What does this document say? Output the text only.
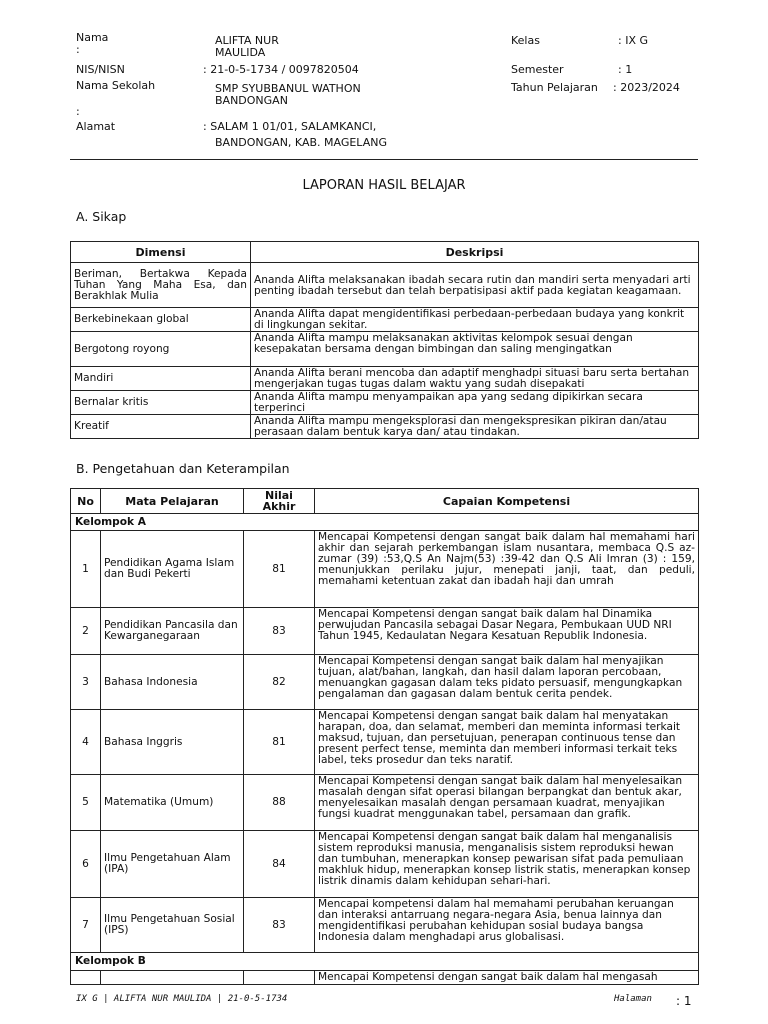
Nama
:
ALIFTA NUR
MAULIDA
NIS/NISN	: 21-0-5-1734 / 0097820504
Nama Sekolah
:
SMP SYUBBANUL WATHON
BANDONGAN
Alamat	: SALAM 1 01/01, SALAMKANCI,
BANDONGAN, KAB. MAGELANG
Kelas	: IX G
Semester	: 1
Tahun Pelajaran : 2023/2024
LAPORAN HASIL BELAJAR
A. Sikap
Dimensi	Deskripsi
Beriman, Bertakwa Kepada Tuhan Yang Maha Esa, dan Berakhlak Mulia	Ananda Alifta melaksanakan ibadah secara rutin dan mandiri serta menyadari arti penting ibadah tersebut dan telah berpatisipasi aktif pada kegiatan keagamaan.
Berkebinekaan global	Ananda Alifta dapat mengidentifikasi perbedaan-perbedaan budaya yang konkrit di lingkungan sekitar.
Bergotong royong	Ananda Alifta mampu melaksanakan aktivitas kelompok sesuai dengan kesepakatan bersama dengan bimbingan dan saling mengingatkan
Mandiri	Ananda Alifta berani mencoba dan adaptif menghadpi situasi baru serta bertahan mengerjakan tugas tugas dalam waktu yang sudah disepakati
Bernalar kritis	Ananda Alifta mampu menyampaikan apa yang sedang dipikirkan secara terperinci
Kreatif	Ananda Alifta mampu mengeksplorasi dan mengekspresikan pikiran dan/atau perasaan dalam bentuk karya dan/ atau tindakan.
B. Pengetahuan dan Keterampilan
No	Mata Pelajaran	Nilai Akhir	Capaian Kompetensi
Kelompok A			
1	Pendidikan Agama Islam dan Budi Pekerti	81	Mencapai Kompetensi dengan sangat baik dalam hal memahami hari akhir dan sejarah perkembangan islam nusantara, membaca Q.S az-zumar (39) :53,Q.S An Najm(53) :39-42 dan Q.S Ali Imran (3) : 159, menunjukkan perilaku jujur, menepati janji, taat, dan peduli, memahami ketentuan zakat dan ibadah haji dan umrah
2	Pendidikan Pancasila dan Kewarganegaraan	83	Mencapai Kompetensi dengan sangat baik dalam hal Dinamika perwujudan Pancasila sebagai Dasar Negara, Pembukaan UUD NRI Tahun 1945, Kedaulatan Negara Kesatuan Republik Indonesia.
3	Bahasa Indonesia	82	Mencapai Kompetensi dengan sangat baik dalam hal menyajikan tujuan, alat/bahan, langkah, dan hasil dalam laporan percobaan, menuangkan gagasan dalam teks pidato persuasif, mengungkapkan pengalaman dan gagasan dalam bentuk cerita pendek.
4	Bahasa Inggris	81	Mencapai Kompetensi dengan sangat baik dalam hal menyatakan harapan, doa, dan selamat, memberi dan meminta informasi terkait maksud, tujuan, dan persetujuan, penerapan continuous tense dan present perfect tense, meminta dan memberi informasi terkait teks label, teks prosedur dan teks naratif.
5	Matematika (Umum)	88	Mencapai Kompetensi dengan sangat baik dalam hal menyelesaikan masalah dengan sifat operasi bilangan berpangkat dan bentuk akar, menyelesaikan masalah dengan persamaan kuadrat, menyajikan fungsi kuadrat menggunakan tabel, persamaan dan grafik.
6	Ilmu Pengetahuan Alam (IPA)	84	Mencapai Kompetensi dengan sangat baik dalam hal menganalisis sistem reproduksi manusia, menganalisis sistem reproduksi hewan dan tumbuhan, menerapkan konsep pewarisan sifat pada pemuliaan makhluk hidup, menerapkan konsep listrik statis, menerapkan konsep listrik dinamis dalam kehidupan sehari-hari.
7	Ilmu Pengetahuan Sosial (IPS)	83	Mencapai kompetensi dalam hal memahami perubahan keruangan dan interaksi antarruang negara-negara Asia, benua lainnya dan mengidentifikasi perubahan kehidupan sosial budaya bangsa Indonesia dalam menghadapi arus globalisasi.
Kelompok B			
			Mencapai Kompetensi dengan sangat baik dalam hal mengasah
IX G | ALIFTA NUR MAULIDA | 21-0-5-1734	Halaman : 1
